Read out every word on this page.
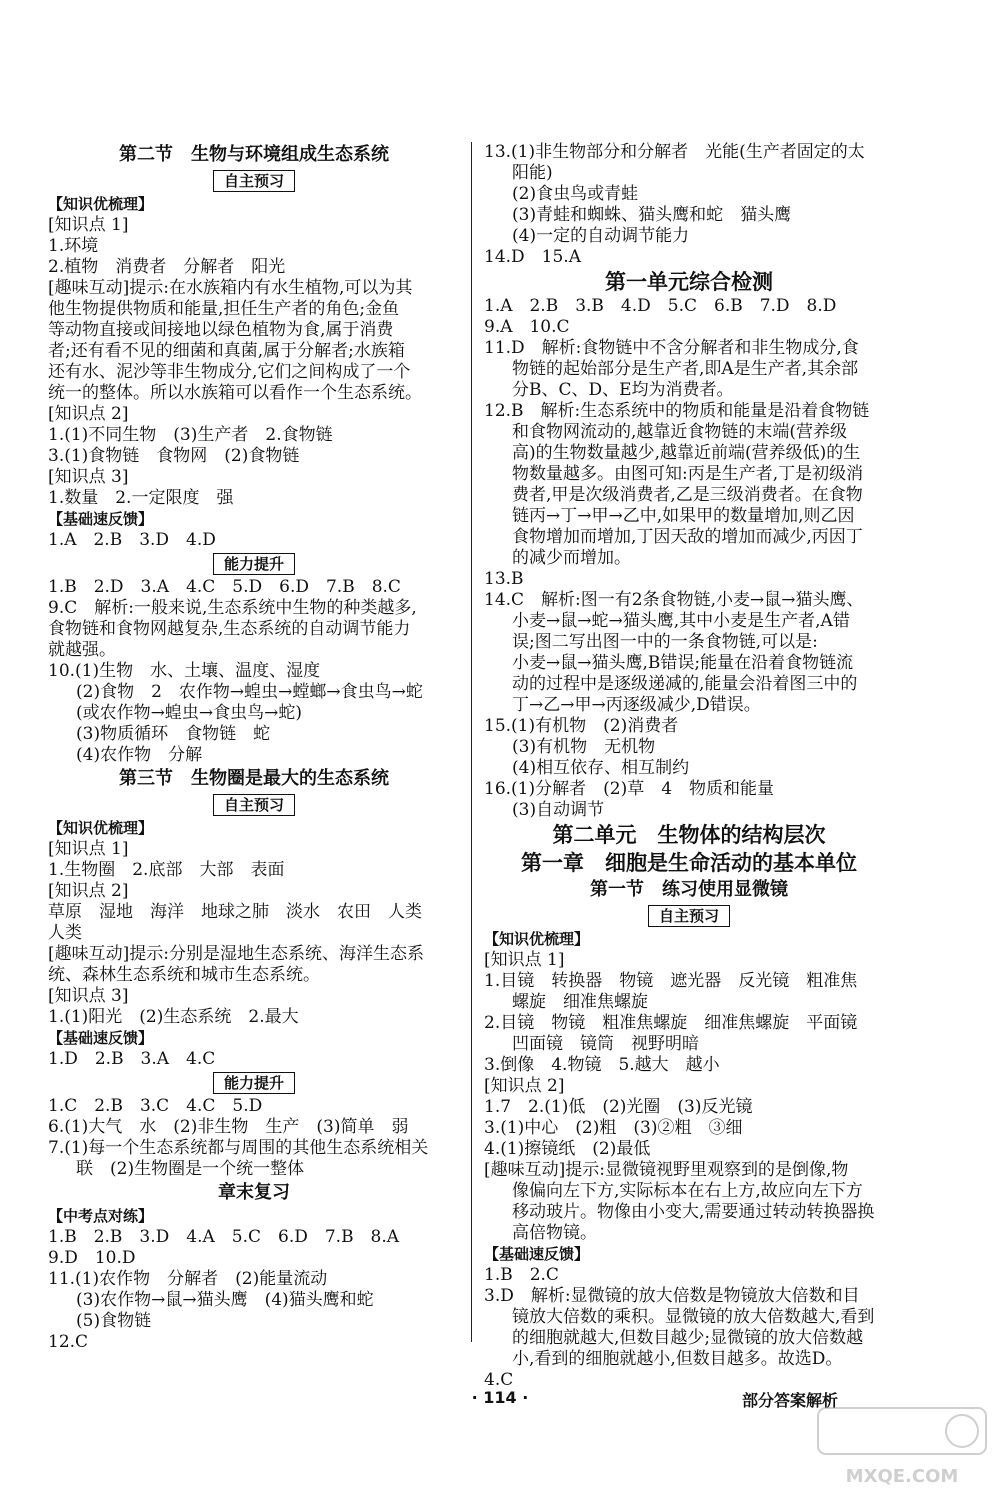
第二节　生物与环境组成生态系统
自主预习
【知识优梳理】
[知识点 1]
1.环境
2.植物　消费者　分解者　阳光
[趣味互动]提示:在水族箱内有水生植物,可以为其
他生物提供物质和能量,担任生产者的角色;金鱼
等动物直接或间接地以绿色植物为食,属于消费
者;还有看不见的细菌和真菌,属于分解者;水族箱
还有水、泥沙等非生物成分,它们之间构成了一个
统一的整体。所以水族箱可以看作一个生态系统。
[知识点 2]
1.(1)不同生物　(3)生产者　2.食物链
3.(1)食物链　食物网　(2)食物链
[知识点 3]
1.数量　2.一定限度　强
【基础速反馈】
1.A　2.B　3.D　4.D
能力提升
1.B　2.D　3.A　4.C　5.D　6.D　7.B　8.C
9.C　解析:一般来说,生态系统中生物的种类越多,
食物链和食物网越复杂,生态系统的自动调节能力
就越强。
10.(1)生物　水、土壤、温度、湿度
(2)食物　2　农作物→蝗虫→螳螂→食虫鸟→蛇
(或农作物→蝗虫→食虫鸟→蛇)
(3)物质循环　食物链　蛇
(4)农作物　分解
第三节　生物圈是最大的生态系统
自主预习
【知识优梳理】
[知识点 1]
1.生物圈　2.底部　大部　表面
[知识点 2]
草原　湿地　海洋　地球之肺　淡水　农田　人类
人类
[趣味互动]提示:分别是湿地生态系统、海洋生态系
统、森林生态系统和城市生态系统。
[知识点 3]
1.(1)阳光　(2)生态系统　2.最大
【基础速反馈】
1.D　2.B　3.A　4.C
能力提升
1.C　2.B　3.C　4.C　5.D
6.(1)大气　水　(2)非生物　生产　(3)简单　弱
7.(1)每一个生态系统都与周围的其他生态系统相关
联　(2)生物圈是一个统一整体
章末复习
【中考点对练】
1.B　2.B　3.D　4.A　5.C　6.D　7.B　8.A
9.D　10.D
11.(1)农作物　分解者　(2)能量流动
(3)农作物→鼠→猫头鹰　(4)猫头鹰和蛇
(5)食物链
12.C
13.(1)非生物部分和分解者　光能(生产者固定的太
阳能)
(2)食虫鸟或青蛙
(3)青蛙和蜘蛛、猫头鹰和蛇　猫头鹰
(4)一定的自动调节能力
14.D　15.A
第一单元综合检测
1.A　2.B　3.B　4.D　5.C　6.B　7.D　8.D
9.A　10.C
11.D　解析:食物链中不含分解者和非生物成分,食
物链的起始部分是生产者,即A是生产者,其余部
分B、C、D、E均为消费者。
12.B　解析:生态系统中的物质和能量是沿着食物链
和食物网流动的,越靠近食物链的末端(营养级
高)的生物数量越少,越靠近前端(营养级低)的生
物数量越多。由图可知:丙是生产者,丁是初级消
费者,甲是次级消费者,乙是三级消费者。在食物
链丙→丁→甲→乙中,如果甲的数量增加,则乙因
食物增加而增加,丁因天敌的增加而减少,丙因丁
的减少而增加。
13.B
14.C　解析:图一有2条食物链,小麦→鼠→猫头鹰、
小麦→鼠→蛇→猫头鹰,其中小麦是生产者,A错
误;图二写出图一中的一条食物链,可以是:
小麦→鼠→猫头鹰,B错误;能量在沿着食物链流
动的过程中是逐级递减的,能量会沿着图三中的
丁→乙→甲→丙逐级减少,D错误。
15.(1)有机物　(2)消费者
(3)有机物　无机物
(4)相互依存、相互制约
16.(1)分解者　(2)草　4　物质和能量
(3)自动调节
第二单元　生物体的结构层次
第一章　细胞是生命活动的基本单位
第一节　练习使用显微镜
自主预习
【知识优梳理】
[知识点 1]
1.目镜　转换器　物镜　遮光器　反光镜　粗准焦
螺旋　细准焦螺旋
2.目镜　物镜　粗准焦螺旋　细准焦螺旋　平面镜
凹面镜　镜筒　视野明暗
3.倒像　4.物镜　5.越大　越小
[知识点 2]
1.7　2.(1)低　(2)光圈　(3)反光镜
3.(1)中心　(2)粗　(3)②粗　③细
4.(1)擦镜纸　(2)最低
[趣味互动]提示:显微镜视野里观察到的是倒像,物
像偏向左下方,实际标本在右上方,故应向左下方
移动玻片。物像由小变大,需要通过转动转换器换
高倍物镜。
【基础速反馈】
1.B　2.C
3.D　解析:显微镜的放大倍数是物镜放大倍数和目
镜放大倍数的乘积。显微镜的放大倍数越大,看到
的细胞就越大,但数目越少;显微镜的放大倍数越
小,看到的细胞就越小,但数目越多。故选D。
4.C
· 114 ·	部分答案解析
MXQE.COM
